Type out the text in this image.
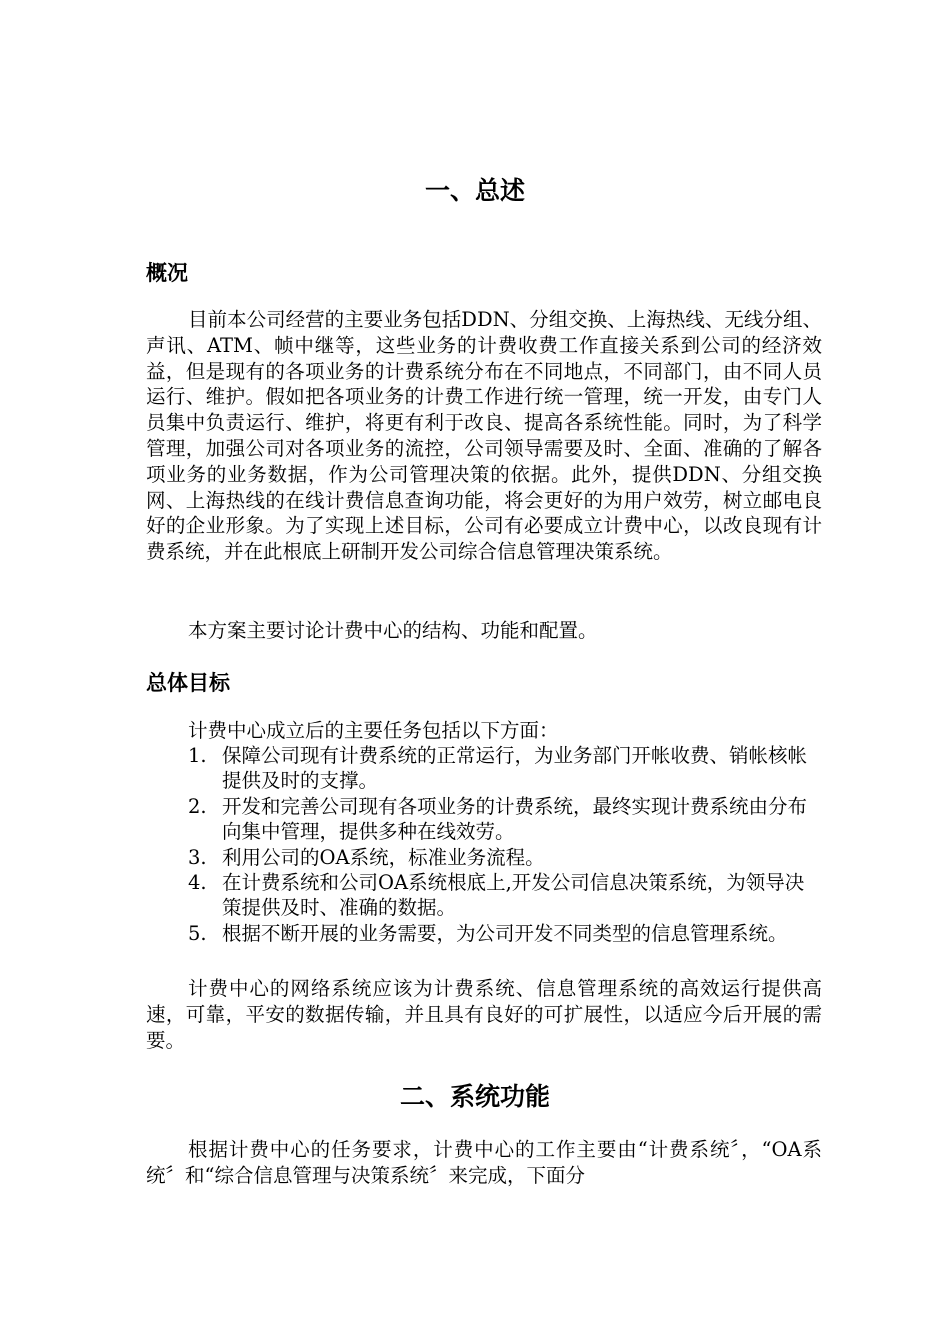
一、总述
概况

目前本公司经营的主要业务包括DDN、分组交换、上海热线、无线分组、声讯、ATM、帧中继等，这些业务的计费收费工作直接关系到公司的经济效益，但是现有的各项业务的计费系统分布在不同地点，不同部门，由不同人员运行、维护。假如把各项业务的计费工作进行统一管理，统一开发，由专门人员集中负责运行、维护，将更有利于改良、提高各系统性能。同时，为了科学管理，加强公司对各项业务的流控，公司领导需要及时、全面、准确的了解各项业务的业务数据，作为公司管理决策的依据。此外，提供DDN、分组交换网、上海热线的在线计费信息查询功能，将会更好的为用户效劳，树立邮电良好的企业形象。为了实现上述目标，公司有必要成立计费中心，以改良现有计费系统，并在此根底上研制开发公司综合信息管理决策系统。

本方案主要讨论计费中心的结构、功能和配置。

总体目标

计费中心成立后的主要任务包括以下方面：

1. 保障公司现有计费系统的正常运行，为业务部门开帐收费、销帐核帐提供及时的支撑。
2. 开发和完善公司现有各项业务的计费系统，最终实现计费系统由分布向集中管理，提供多种在线效劳。
3. 利用公司的OA系统，标准业务流程。
4. 在计费系统和公司OA系统根底上,开发公司信息决策系统，为领导决策提供及时、准确的数据。
5. 根据不断开展的业务需要，为公司开发不同类型的信息管理系统。

计费中心的网络系统应该为计费系统、信息管理系统的高效运行提供高速，可靠，平安的数据传输，并且具有良好的可扩展性，以适应今后开展的需要。

二、系统功能

根据计费中心的任务要求，计费中心的工作主要由“计费系统〞，“OA系统〞和“综合信息管理与决策系统〞来完成，下面分
